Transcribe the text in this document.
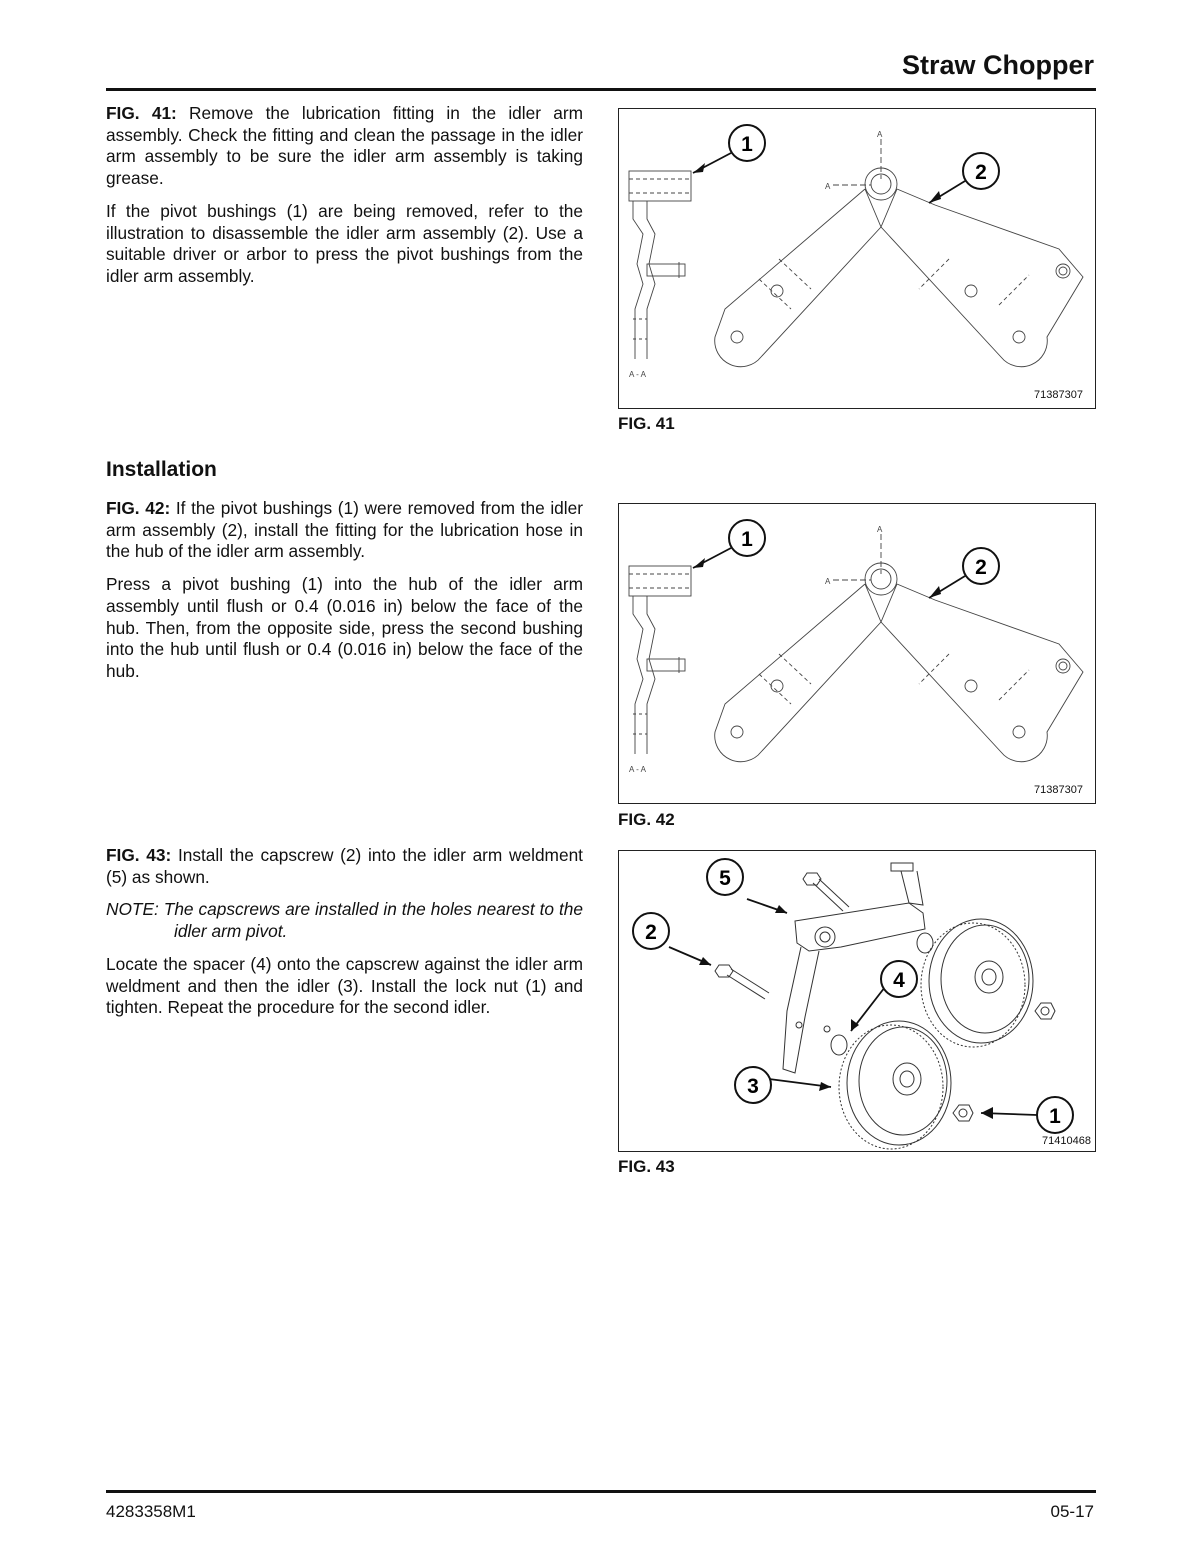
Straw Chopper

FIG. 41: Remove the lubrication fitting in the idler arm assembly. Check the fitting and clean the passage in the idler arm assembly to be sure the idler arm assembly is taking grease.

If the pivot bushings (1) are being removed, refer to the illustration to disassemble the idler arm assembly (2). Use a suitable driver or arbor to press the pivot bushings from the idler arm assembly.

1
2
A
A
A - A
71387307
FIG. 41
Installation

FIG. 42: If the pivot bushings (1) were removed from the idler arm assembly (2), install the fitting for the lubrication hose in the hub of the idler arm assembly.

Press a pivot bushing (1) into the hub of the idler arm assembly until flush or 0.4 (0.016 in) below the face of the hub. Then, from the opposite side, press the second bushing into the hub until flush or 0.4 (0.016 in) below the face of the hub.

1
2
A
A
A - A
71387307
FIG. 42

FIG. 43: Install the capscrew (2) into the idler arm weldment (5) as shown.

NOTE: The capscrews are installed in the holes nearest to the idler arm pivot.

Locate the spacer (4) onto the capscrew against the idler arm weldment and then the idler (3). Install the lock nut (1) and tighten. Repeat the procedure for the second idler.

5
2
4
3
1
71410468
FIG. 43
4283358M1	05-17
